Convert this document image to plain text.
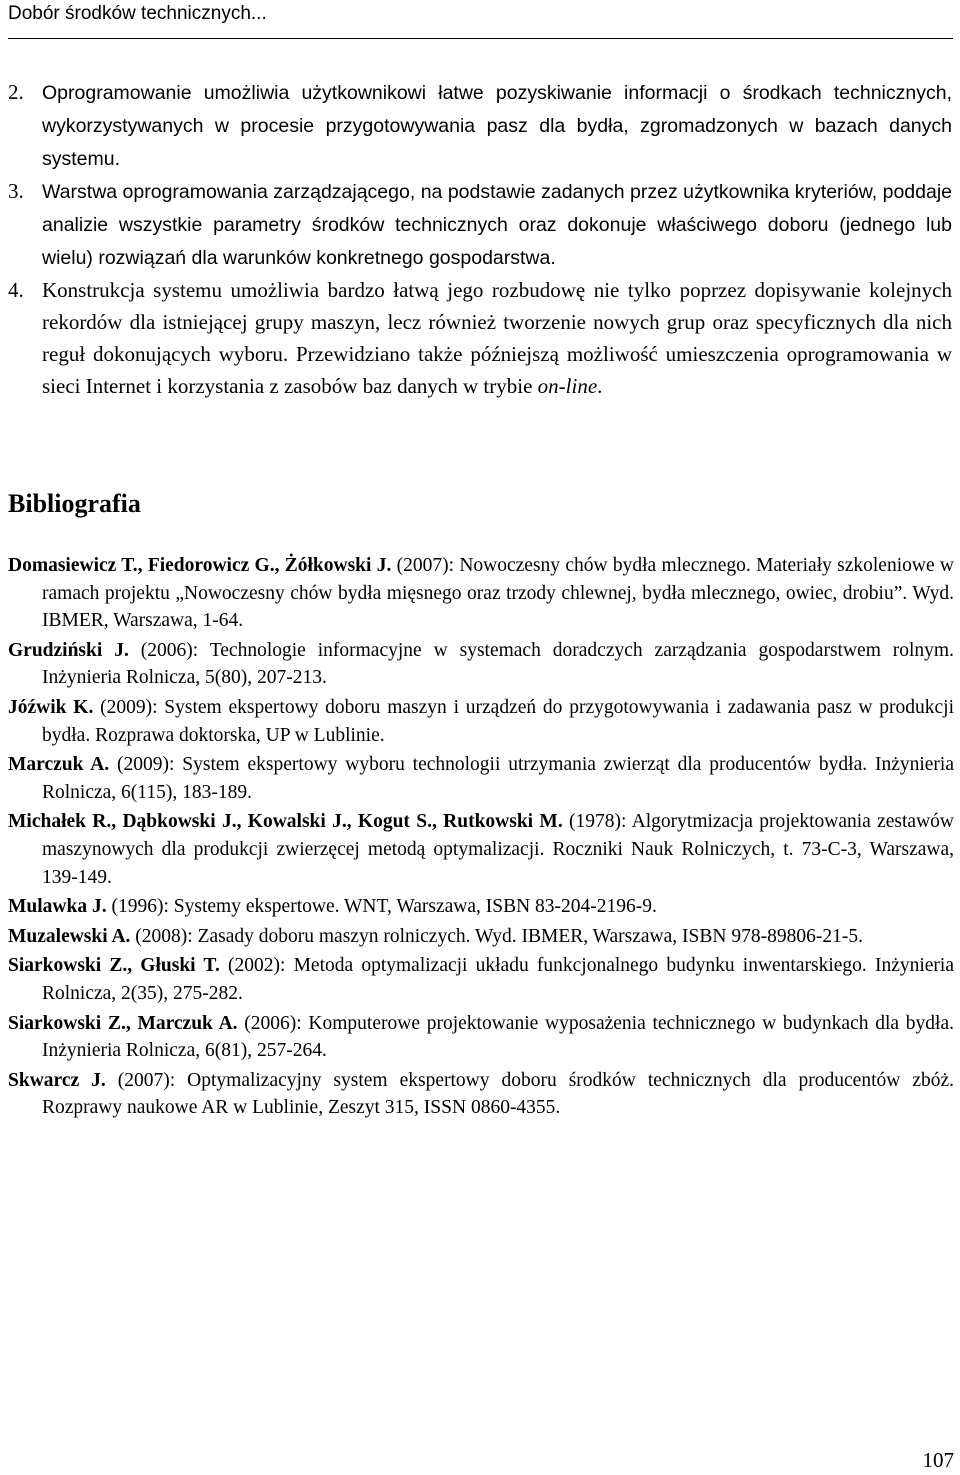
Dobór środków technicznych...
2. Oprogramowanie umożliwia użytkownikowi łatwe pozyskiwanie informacji o środkach technicznych, wykorzystywanych w procesie przygotowywania pasz dla bydła, zgromadzonych w bazach danych systemu.
3. Warstwa oprogramowania zarządzającego, na podstawie zadanych przez użytkownika kryteriów, poddaje analizie wszystkie parametry środków technicznych oraz dokonuje właściwego doboru (jednego lub wielu) rozwiązań dla warunków konkretnego gospodarstwa.
4. Konstrukcja systemu umożliwia bardzo łatwą jego rozbudowę nie tylko poprzez dopisywanie kolejnych rekordów dla istniejącej grupy maszyn, lecz również tworzenie nowych grup oraz specyficznych dla nich reguł dokonujących wyboru. Przewidziano także późniejszą możliwość umieszczenia oprogramowania w sieci Internet i korzystania z zasobów baz danych w trybie on-line.
Bibliografia
Domasiewicz T., Fiedorowicz G., Żółkowski J. (2007): Nowoczesny chów bydła mlecznego. Materiały szkoleniowe w ramach projektu „Nowoczesny chów bydła mięsnego oraz trzody chlewnej, bydła mlecznego, owiec, drobiu”. Wyd. IBMER, Warszawa, 1-64.
Grudziński J. (2006): Technologie informacyjne w systemach doradczych zarządzania gospodarstwem rolnym. Inżynieria Rolnicza, 5(80), 207-213.
Jóźwik K. (2009): System ekspertowy doboru maszyn i urządzeń do przygotowywania i zadawania pasz w produkcji bydła. Rozprawa doktorska, UP w Lublinie.
Marczuk A. (2009): System ekspertowy wyboru technologii utrzymania zwierząt dla producentów bydła. Inżynieria Rolnicza, 6(115), 183-189.
Michałek R., Dąbkowski J., Kowalski J., Kogut S., Rutkowski M. (1978): Algorytmizacja projektowania zestawów maszynowych dla produkcji zwierzęcej metodą optymalizacji. Roczniki Nauk Rolniczych, t. 73-C-3, Warszawa, 139-149.
Mulawka J. (1996): Systemy ekspertowe. WNT, Warszawa, ISBN 83-204-2196-9.
Muzalewski A. (2008): Zasady doboru maszyn rolniczych. Wyd. IBMER, Warszawa, ISBN 978-89806-21-5.
Siarkowski Z., Głuski T. (2002): Metoda optymalizacji układu funkcjonalnego budynku inwentarskiego. Inżynieria Rolnicza, 2(35), 275-282.
Siarkowski Z., Marczuk A. (2006): Komputerowe projektowanie wyposażenia technicznego w budynkach dla bydła. Inżynieria Rolnicza, 6(81), 257-264.
Skwarcz J. (2007): Optymalizacyjny system ekspertowy doboru środków technicznych dla producentów zbóż. Rozprawy naukowe AR w Lublinie, Zeszyt 315, ISSN 0860-4355.
107
